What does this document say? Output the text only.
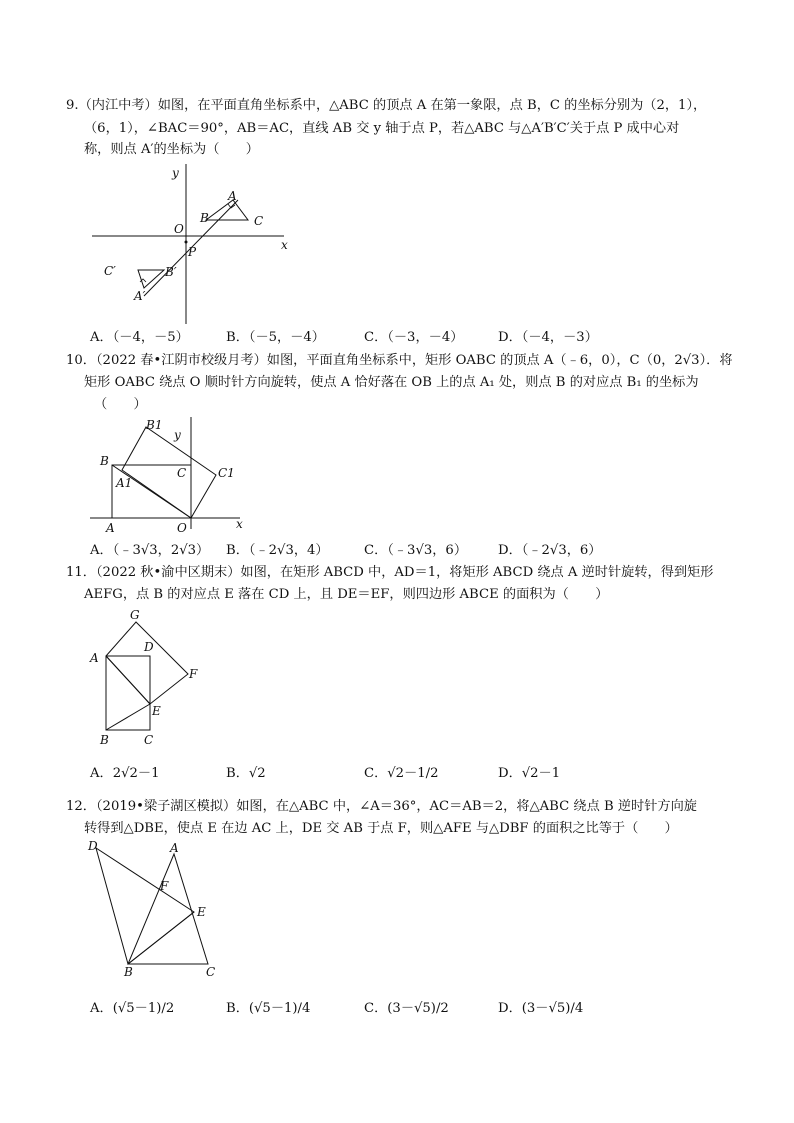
9.（内江中考）如图，在平面直角坐标系中，△ABC 的顶点 A 在第一象限，点 B，C 的坐标分别为（2，1），
（6，1），∠BAC＝90°，AB＝AC，直线 AB 交 y 轴于点 P，若△ABC 与△A′B′C′关于点 P 成中心对
称，则点 A′的坐标为（　　）
y
x
O
P
A
B	C
B′
C′
A′
A．（－4，－5）	B．（－5，－4）	C．（－3，－4）	D．（－4，－3）
10．（2022 春•江阴市校级月考）如图，平面直角坐标系中，矩形 OABC 的顶点 A（﹣6，0），C（0，2√3）．将
矩形 OABC 绕点 O 顺时针方向旋转，使点 A 恰好落在 OB 上的点 A₁ 处，则点 B 的对应点 B₁ 的坐标为
（　　）
x
y
O
A
B
C
A1
B1
C1
A．（﹣3√3，2√3） B．（﹣2√3，4）	C．（﹣3√3，6） D．（﹣2√3，6）
11．（2022 秋•渝中区期末）如图，在矩形 ABCD 中，AD＝1，将矩形 ABCD 绕点 A 逆时针旋转，得到矩形
AEFG，点 B 的对应点 E 落在 CD 上，且 DE＝EF，则四边形 ABCE 的面积为（　　）
G
D
A
F
E
B	C
A．2√2－1	B．√2	C．√2－1/2	D．√2－1
12．（2019•梁子湖区模拟）如图，在△ABC 中，∠A＝36°，AC＝AB＝2，将△ABC 绕点 B 逆时针方向旋
转得到△DBE，使点 E 在边 AC 上，DE 交 AB 于点 F，则△AFE 与△DBF 的面积之比等于（　　）
D	A
F
E
B	C
A．(√5－1)/2	B．(√5－1)/4	C．(3－√5)/2	D．(3－√5)/4
